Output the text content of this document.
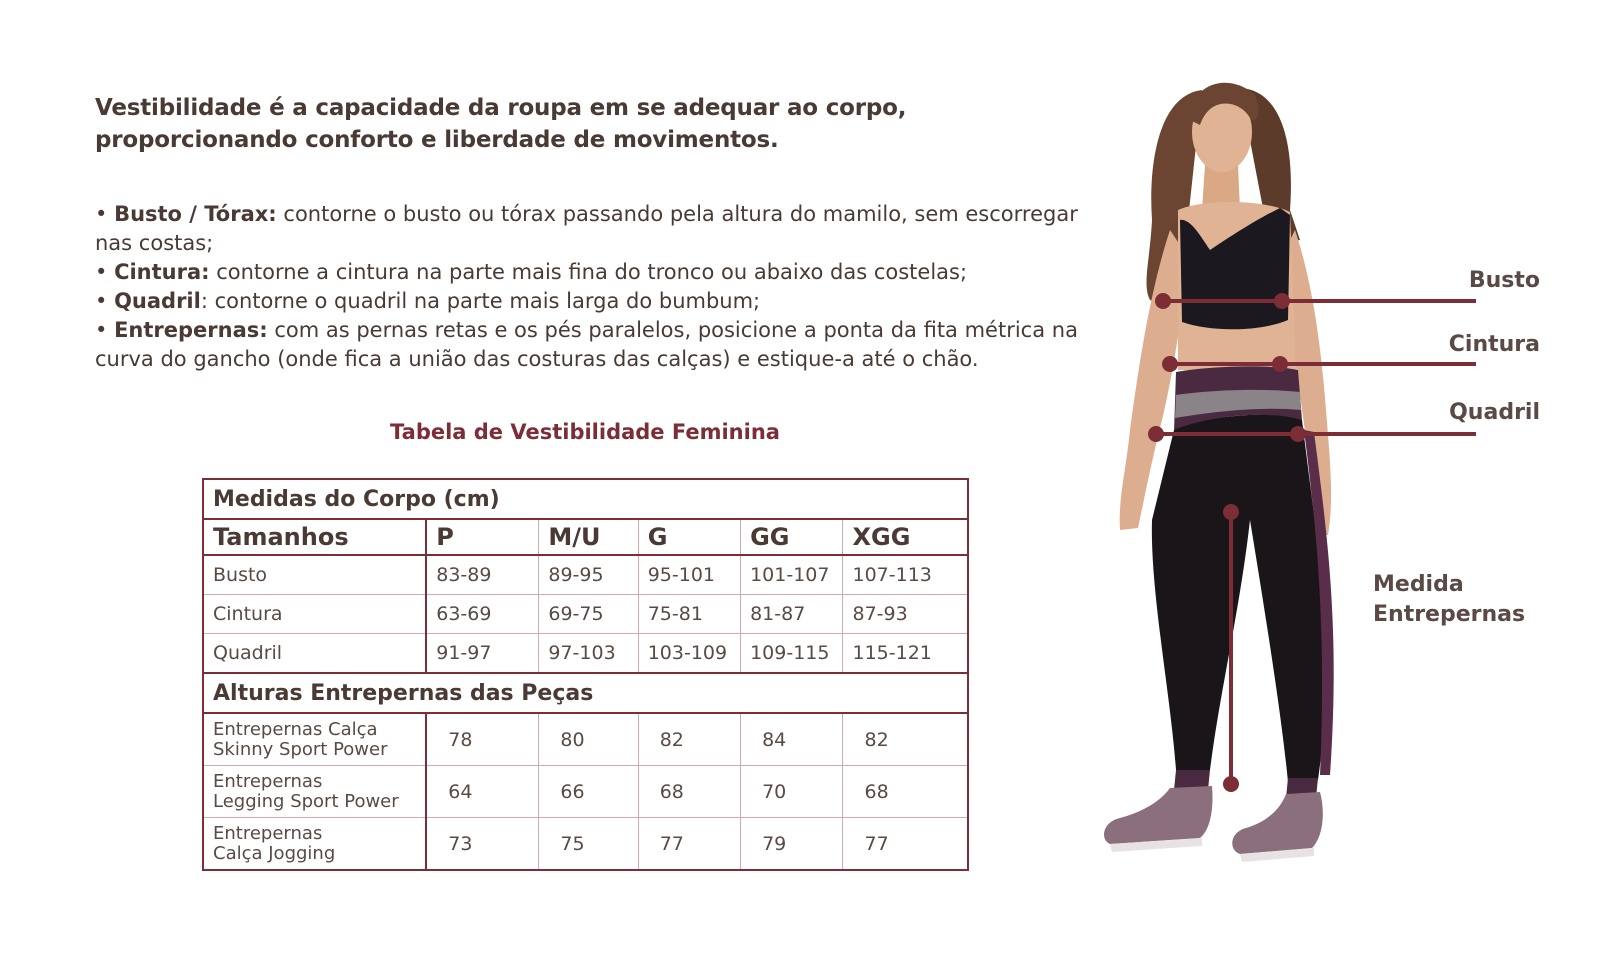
Vestibilidade é a capacidade da roupa em se adequar ao corpo,

proporcionando conforto e liberdade de movimentos.

• Busto / Tórax: contorne o busto ou tórax passando pela altura do mamilo, sem escorregar nas costas;

• Cintura: contorne a cintura na parte mais fina do tronco ou abaixo das costelas;

• Quadril: contorne o quadril na parte mais larga do bumbum;

• Entrepernas: com as pernas retas e os pés paralelos, posicione a ponta da fita métrica na curva do gancho (onde fica a união das costuras das calças) e estique-a até o chão.

Tabela de Vestibilidade Feminina
Medidas do Corpo (cm)					
Tamanhos	P	M/U	G	GG	XGG
Busto	83-89	89-95	95-101	101-107	107-113
Cintura	63-69	69-75	75-81	81-87	87-93
Quadril	91-97	97-103	103-109	109-115	115-121
Alturas Entrepernas das Peças					
Entrepernas Calça
Skinny Sport Power	78	80	82	84	82
Entrepernas
Legging Sport Power	64	66	68	70	68
Entrepernas
Calça Jogging	73	75	77	79	77
Busto
Cintura
Quadril
Medida
Entrepernas
